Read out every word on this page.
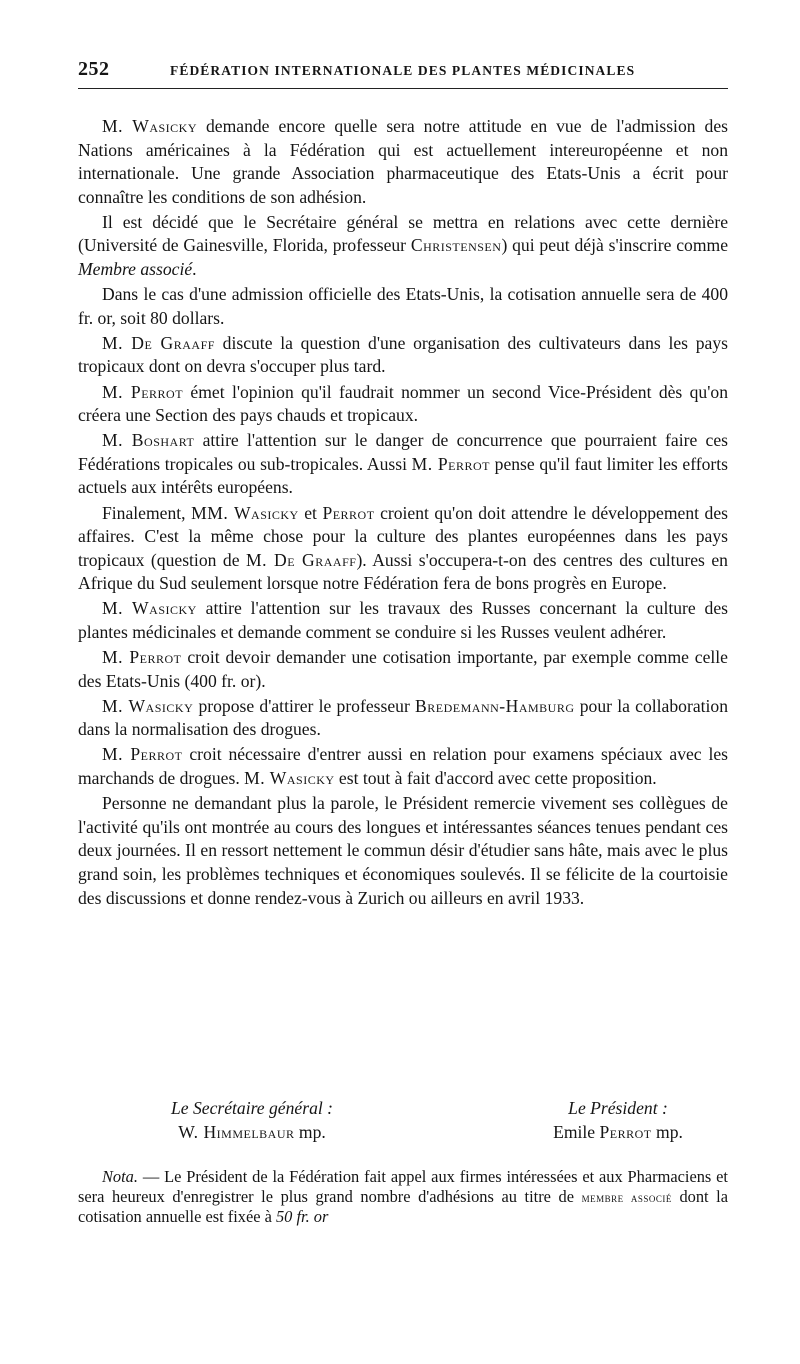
252	FÉDÉRATION INTERNATIONALE DES PLANTES MÉDICINALES

M. Wasicky demande encore quelle sera notre attitude en vue de l'admission des Nations américaines à la Fédération qui est actuellement intereuropéenne et non internationale. Une grande Association pharmaceutique des Etats-Unis a écrit pour connaître les conditions de son adhésion.

Il est décidé que le Secrétaire général se mettra en relations avec cette dernière (Université de Gainesville, Florida, professeur Christensen) qui peut déjà s'inscrire comme Membre associé.

Dans le cas d'une admission officielle des Etats-Unis, la cotisation annuelle sera de 400 fr. or, soit 80 dollars.

M. De Graaff discute la question d'une organisation des cultivateurs dans les pays tropicaux dont on devra s'occuper plus tard.

M. Perrot émet l'opinion qu'il faudrait nommer un second Vice-Président dès qu'on créera une Section des pays chauds et tropicaux.

M. Boshart attire l'attention sur le danger de concurrence que pourraient faire ces Fédérations tropicales ou sub-tropicales. Aussi M. Perrot pense qu'il faut limiter les efforts actuels aux intérêts européens.

Finalement, MM. Wasicky et Perrot croient qu'on doit attendre le développement des affaires. C'est la même chose pour la culture des plantes européennes dans les pays tropicaux (question de M. De Graaff). Aussi s'occupera-t-on des centres des cultures en Afrique du Sud seulement lorsque notre Fédération fera de bons progrès en Europe.

M. Wasicky attire l'attention sur les travaux des Russes concernant la culture des plantes médicinales et demande comment se conduire si les Russes veulent adhérer.

M. Perrot croit devoir demander une cotisation importante, par exemple comme celle des Etats-Unis (400 fr. or).

M. Wasicky propose d'attirer le professeur Bredemann-Hamburg pour la collaboration dans la normalisation des drogues.

M. Perrot croit nécessaire d'entrer aussi en relation pour examens spéciaux avec les marchands de drogues. M. Wasicky est tout à fait d'accord avec cette proposition.

Personne ne demandant plus la parole, le Président remercie vivement ses collègues de l'activité qu'ils ont montrée au cours des longues et intéressantes séances tenues pendant ces deux journées. Il en ressort nettement le commun désir d'étudier sans hâte, mais avec le plus grand soin, les problèmes techniques et économiques soulevés. Il se félicite de la courtoisie des discussions et donne rendez-vous à Zurich ou ailleurs en avril 1933.

Le Secrétaire général :
W. Himmelbaur mp.
Le Président :
Emile Perrot mp.

Nota. — Le Président de la Fédération fait appel aux firmes intéressées et aux Pharmaciens et sera heureux d'enregistrer le plus grand nombre d'adhésions au titre de membre associé dont la cotisation annuelle est fixée à 50 fr. or
